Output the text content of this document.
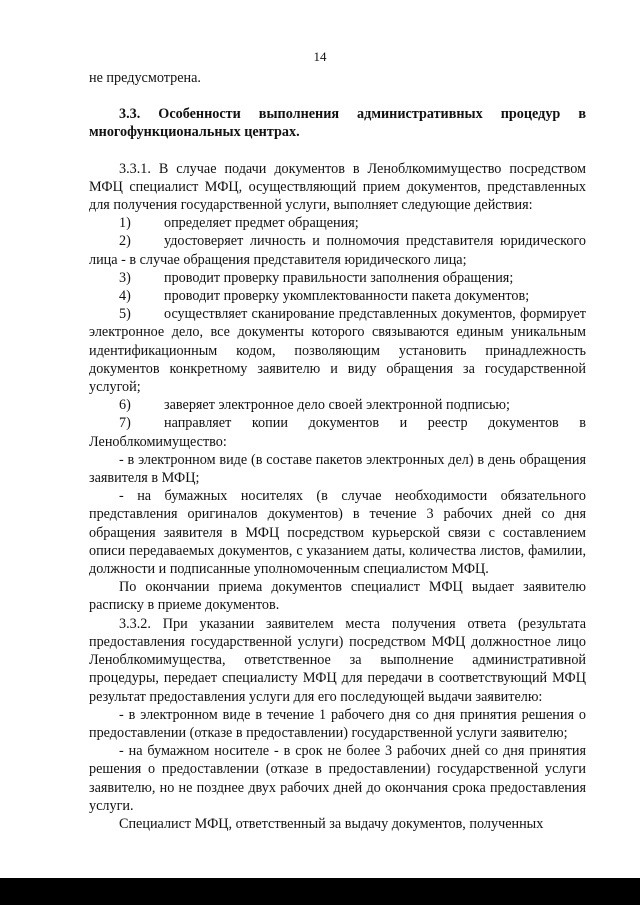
14

не предусмотрена.

3.3. Особенности выполнения административных процедур в многофункциональных центрах.

3.3.1. В случае подачи документов в Леноблкомимущество посредством МФЦ специалист МФЦ, осуществляющий прием документов, представленных для получения государственной услуги, выполняет следующие действия:

1) определяет предмет обращения;

2) удостоверяет личность и полномочия представителя юридического лица - в случае обращения представителя юридического лица;

3) проводит проверку правильности заполнения обращения;

4) проводит проверку укомплектованности пакета документов;

5) осуществляет сканирование представленных документов, формирует электронное дело, все документы которого связываются единым уникальным идентификационным кодом, позволяющим установить принадлежность документов конкретному заявителю и виду обращения за государственной услугой;

6) заверяет электронное дело своей электронной подписью;

7) направляет копии документов и реестр документов в Леноблкомимущество:

- в электронном виде (в составе пакетов электронных дел) в день обращения заявителя в МФЦ;

- на бумажных носителях (в случае необходимости обязательного представления оригиналов документов) в течение 3 рабочих дней со дня обращения заявителя в МФЦ посредством курьерской связи с составлением описи передаваемых документов, с указанием даты, количества листов, фамилии, должности и подписанные уполномоченным специалистом МФЦ.

По окончании приема документов специалист МФЦ выдает заявителю расписку в приеме документов.

3.3.2. При указании заявителем места получения ответа (результата предоставления государственной услуги) посредством МФЦ должностное лицо Леноблкомимущества, ответственное за выполнение административной процедуры, передает специалисту МФЦ для передачи в соответствующий МФЦ результат предоставления услуги для его последующей выдачи заявителю:

- в электронном виде в течение 1 рабочего дня со дня принятия решения о предоставлении (отказе в предоставлении) государственной услуги заявителю;

- на бумажном носителе - в срок не более 3 рабочих дней со дня принятия решения о предоставлении (отказе в предоставлении) государственной услуги заявителю, но не позднее двух рабочих дней до окончания срока предоставления услуги.

Специалист МФЦ, ответственный за выдачу документов, полученных
